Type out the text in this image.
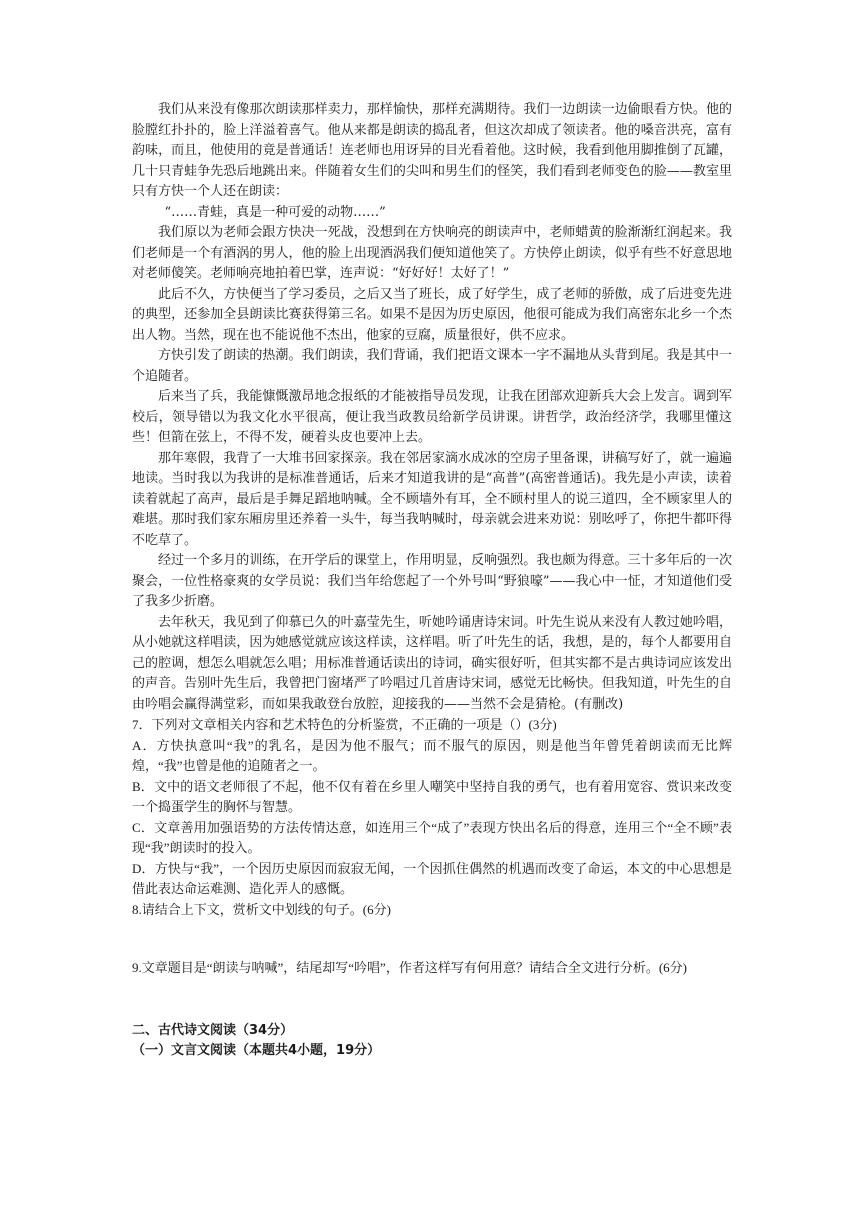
我们从来没有像那次朗读那样卖力，那样愉快，那样充满期待。我们一边朗读一边偷眼看方快。他的脸膛红扑扑的，脸上洋溢着喜气。他从来都是朗读的捣乱者，但这次却成了领读者。他的嗓音洪亮，富有韵味，而且，他使用的竟是普通话！连老师也用讶异的目光看着他。这时候，我看到他用脚推倒了瓦罐，几十只青蛙争先恐后地跳出来。伴随着女生们的尖叫和男生们的怪笑，我们看到老师变色的脸——教室里只有方快一个人还在朗读：

“……青蛙，真是一种可爱的动物……”

我们原以为老师会跟方快决一死战，没想到在方快响亮的朗读声中，老师蜡黄的脸渐渐红润起来。我们老师是一个有酒涡的男人，他的脸上出现酒涡我们便知道他笑了。方快停止朗读，似乎有些不好意思地对老师傻笑。老师响亮地拍着巴掌，连声说：“好好好！太好了！”

此后不久，方快便当了学习委员，之后又当了班长，成了好学生，成了老师的骄傲，成了后进变先进的典型，还参加全县朗读比赛获得第三名。如果不是因为历史原因，他很可能成为我们高密东北乡一个杰出人物。当然，现在也不能说他不杰出，他家的豆腐，质量很好，供不应求。

方快引发了朗读的热潮。我们朗读，我们背诵，我们把语文课本一字不漏地从头背到尾。我是其中一个追随者。

后来当了兵，我能慷慨激昂地念报纸的才能被指导员发现，让我在团部欢迎新兵大会上发言。调到军校后，领导错以为我文化水平很高，便让我当政教员给新学员讲课。讲哲学，政治经济学，我哪里懂这些！但箭在弦上，不得不发，硬着头皮也要冲上去。

那年寒假，我背了一大堆书回家探亲。我在邻居家滴水成冰的空房子里备课，讲稿写好了，就一遍遍地读。当时我以为我讲的是标准普通话，后来才知道我讲的是“高普”(高密普通话)。我先是小声读，读着读着就起了高声，最后是手舞足蹈地呐喊。全不顾墙外有耳，全不顾村里人的说三道四，全不顾家里人的难堪。那时我们家东厢房里还养着一头牛，每当我呐喊时，母亲就会进来劝说：别吆呼了，你把牛都吓得不吃草了。

经过一个多月的训练，在开学后的课堂上，作用明显，反响强烈。我也颇为得意。三十多年后的一次聚会，一位性格豪爽的女学员说：我们当年给您起了一个外号叫“野狼嚎”——我心中一怔，才知道他们受了我多少折磨。

去年秋天，我见到了仰慕已久的叶嘉莹先生，听她吟诵唐诗宋词。叶先生说从来没有人教过她吟唱，从小她就这样唱读，因为她感觉就应该这样读，这样唱。听了叶先生的话，我想，是的，每个人都要用自己的腔调，想怎么唱就怎么唱；用标准普通话读出的诗词，确实很好听，但其实都不是古典诗词应该发出的声音。告别叶先生后，我曾把门窗堵严了吟唱过几首唐诗宋词，感觉无比畅快。但我知道，叶先生的自由吟唱会赢得满堂彩，而如果我敢登台放腔，迎接我的——当然不会是猜枪。(有删改)

7．下列对文章相关内容和艺术特色的分析鉴赏，不正确的一项是（）(3分)

A．方快执意叫“我”的乳名，是因为他不服气；而不服气的原因，则是他当年曾凭着朗读而无比辉煌，“我”也曾是他的追随者之一。

B．文中的语文老师很了不起，他不仅有着在乡里人嘲笑中坚持自我的勇气，也有着用宽容、赏识来改变一个捣蛋学生的胸怀与智慧。

C．文章善用加强语势的方法传情达意，如连用三个“成了”表现方快出名后的得意，连用三个“全不顾”表现“我”朗读时的投入。

D．方快与“我”，一个因历史原因而寂寂无闻，一个因抓住偶然的机遇而改变了命运，本文的中心思想是借此表达命运难测、造化弄人的感慨。

8.请结合上下文，赏析文中划线的句子。(6分)

9.文章题目是“朗读与呐喊”，结尾却写“吟唱”，作者这样写有何用意？请结合全文进行分析。(6分)

二、古代诗文阅读（34分）

（一）文言文阅读（本题共4小题，19分）
